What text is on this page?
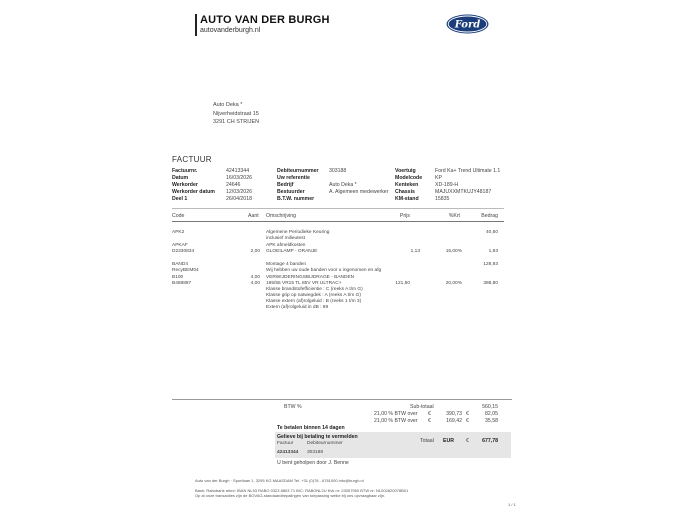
AUTO VAN DER BURGH
autovanderburgh.nl	Ford
Auto Deka *
Nijverheidstraat 15
3291 CH STRIJEN
FACTUUR
Factuurnr.	42413344
Datum	16/03/2026
Werkorder	24646
Werkorder datum 12/03/2026
Deel 1	26/04/2018
Debiteurnummer 303188
Uw referentie
Bedrijf	Auto Deka *
Bestuurder	A. Algemeen medewerker
B.T.W. nummer
Voertuig	Ford Ka+ Trend Ultimate 1.1
Modelcode KP
Kenteken	XD-189-H
Chassis	MAJUXXMTKUJY48187
KM-stand	15835
Code	Aant Omschrijving	Prijs	%Krt	Bedrag
APK2	Algemene Periodieke Keuring	40,50
inclusief milieutest
APKAF	APK afmeldkosten
D2330834	2,00 GLOEILAMP - ORANJE	1,13	15,00%	1,93
BAND4	Montage 4 banden	128,93
RecyBEM04	Wij hebben uw oude banden voor u ingenomen en afg
B100	4,00 VERWIJDERINGSBIJDRAGE - BANDEN
B468887	4,00 195/55 VR15 TL 85V VR ULTRAC+	121,50	20,00%	388,80
Klasse brandstofefficientie : C (reeks A t/m G)
Klasse grip op natwegdek : A (reeks A t/m G)
Klasse extern (af)rolgeluid : B (reeks 1 t/m 3)
Extern (af)rolgeluid in dB : 69
BTW %	Sub-totaal	560,15
21,00 % BTW over €	390,73 €	82,05
21,00 % BTW over €	169,42 €	35,58
Te betalen binnen 14 dagen
Gelieve bij betaling te vermelden
Factuur	Debiteurnummer
42413344 303188
Totaal EUR €	677,78
U bent geholpen door J. Benne
Auto van der Burgh · Sportlaan 1, 3295 KG MAASDAM Tel. +31 (0)78 - 6761000 info@burgh.nl
Bank: Rabobank reknr: IBAN NL53 RABO 0323 8803 71 BIC: RABONL2U Kvk nr: 23057950 BTW nr: NL002820078B01
Op al onze transacties zijn de BOVAG-standaardbepalingen van toepassing welke bij ons opvraagbaar zijn.
1 / 1
